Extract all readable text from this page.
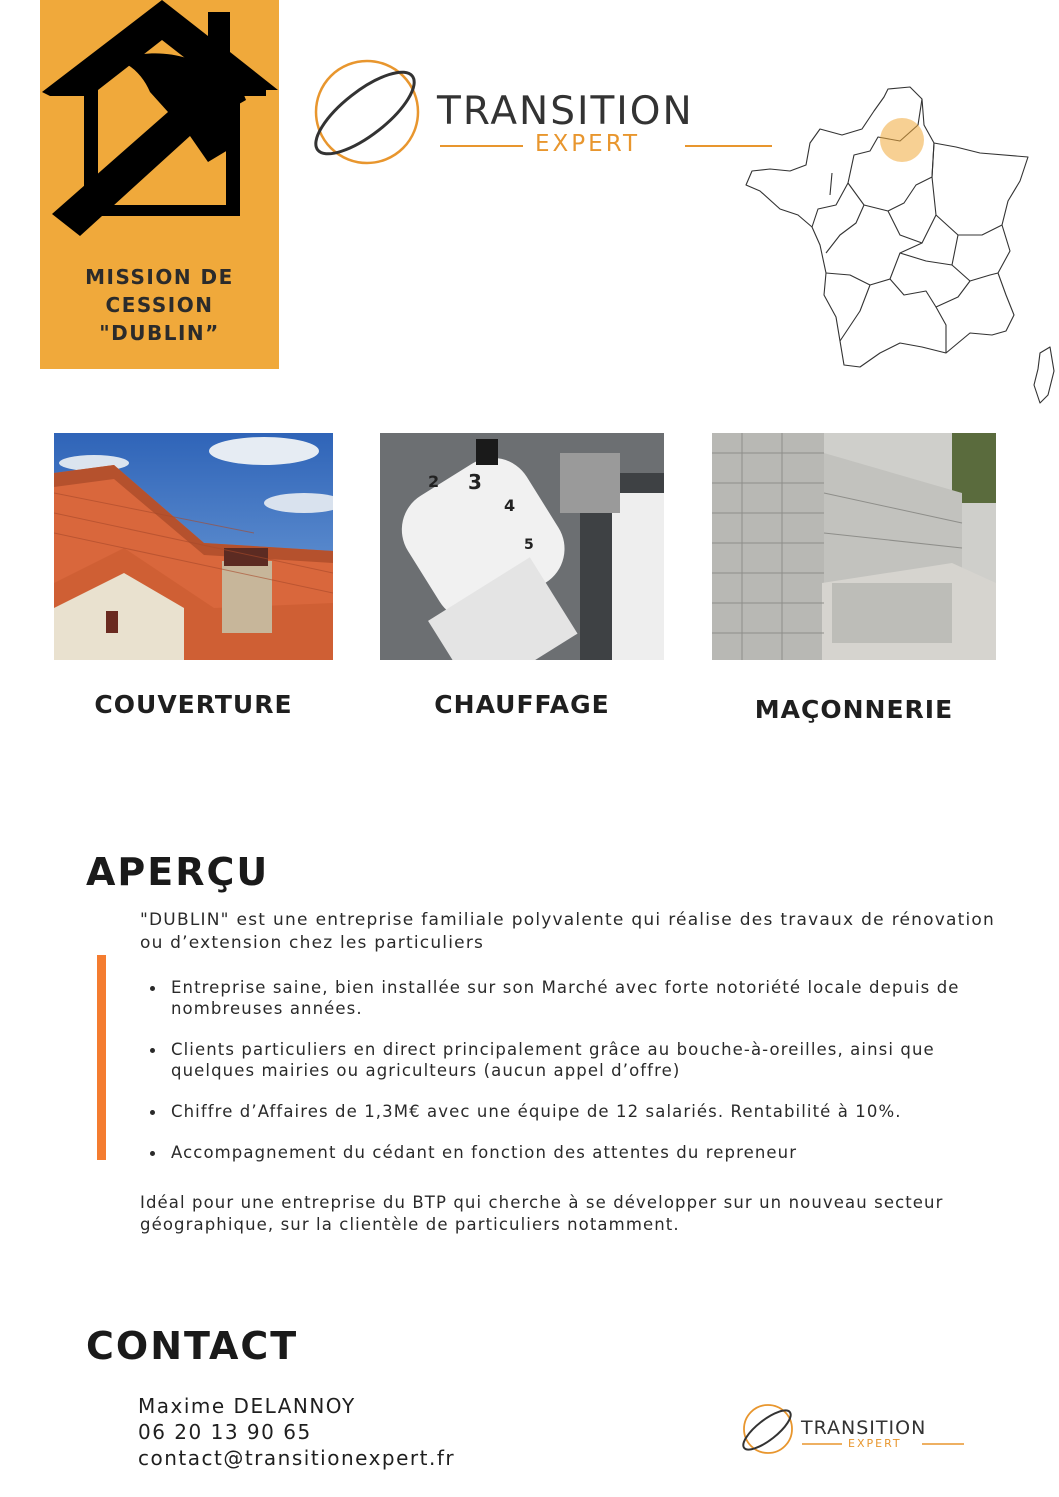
MISSION DE
CESSION
"DUBLIN”
TRANSITION
EXPERT
2 3
4
5
COUVERTURE	CHAUFFAGE	MAÇONNERIE
APERÇU
"DUBLIN" est une entreprise familiale polyvalente qui réalise des travaux de rénovation ou d’extension chez les particuliers
Entreprise saine, bien installée sur son Marché avec forte notoriété locale depuis de nombreuses années.
Clients particuliers en direct principalement grâce au bouche-à-oreilles, ainsi que quelques mairies ou agriculteurs (aucun appel d’offre)
Chiffre d’Affaires de 1,3M€ avec une équipe de 12 salariés. Rentabilité à 10%.
Accompagnement du cédant en fonction des attentes du repreneur
Idéal pour une entreprise du BTP qui cherche à se développer sur un nouveau secteur géographique, sur la clientèle de particuliers notamment.
CONTACT
Maxime DELANNOY
06 20 13 90 65
contact@transitionexpert.fr
TRANSITION
EXPERT
